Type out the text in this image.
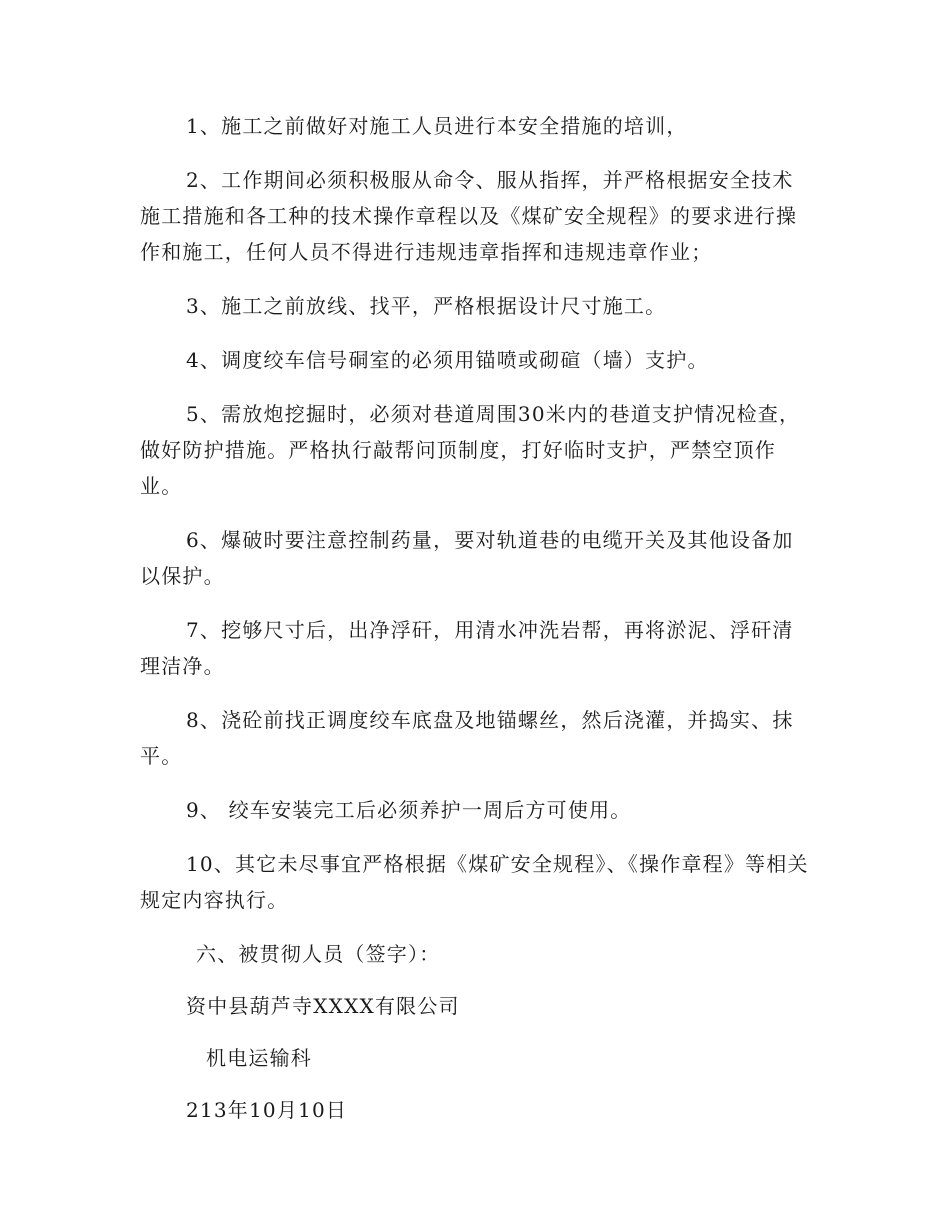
1、施工之前做好对施工人员进行本安全措施的培训，

2、工作期间必须积极服从命令、服从指挥，并严格根据安全技术施工措施和各工种的技术操作章程以及《煤矿安全规程》的要求进行操作和施工，任何人员不得进行违规违章指挥和违规违章作业；

3、施工之前放线、找平，严格根据设计尺寸施工。

4、调度绞车信号硐室的必须用锚喷或砌碹（墙）支护。

5、需放炮挖掘时，必须对巷道周围30米内的巷道支护情况检查，做好防护措施。严格执行敲帮问顶制度，打好临时支护，严禁空顶作业。

6、爆破时要注意控制药量，要对轨道巷的电缆开关及其他设备加以保护。

7、挖够尺寸后，出净浮矸，用清水冲洗岩帮，再将淤泥、浮矸清理洁净。

8、浇砼前找正调度绞车底盘及地锚螺丝，然后浇灌，并捣实、抹平。

9、 绞车安装完工后必须养护一周后方可使用。

10、其它未尽事宜严格根据《煤矿安全规程》、《操作章程》等相关规定内容执行。

六、被贯彻人员（签字）：

资中县葫芦寺XXXX有限公司

机电运输科

213年10月10日
